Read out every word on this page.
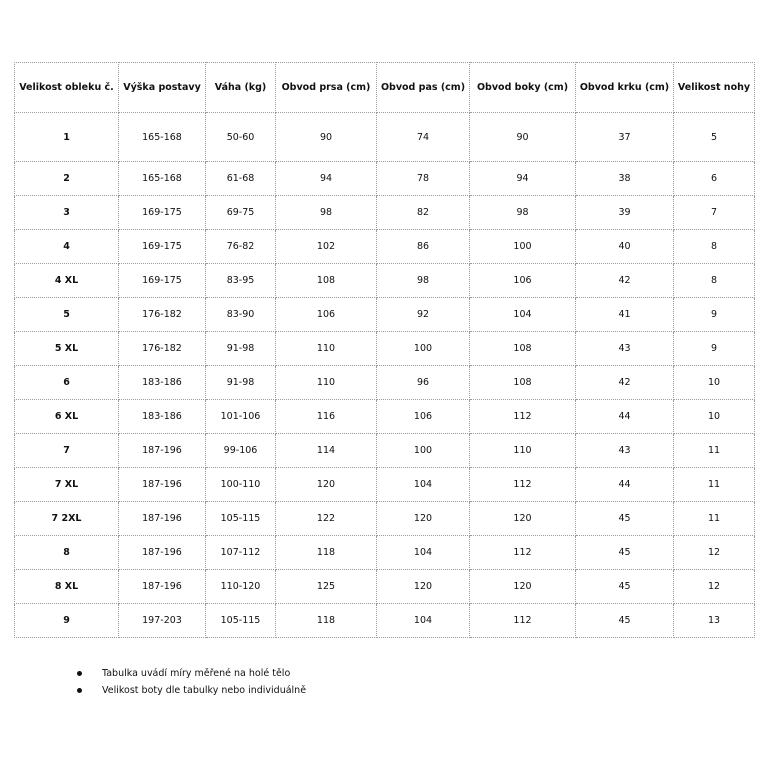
Velikost obleku č.	Výška postavy	Váha (kg)	Obvod prsa (cm)	Obvod pas (cm)	Obvod boky (cm)	Obvod krku (cm)	Velikost nohy
1	165-168	50-60	90	74	90	37	5
2	165-168	61-68	94	78	94	38	6
3	169-175	69-75	98	82	98	39	7
4	169-175	76-82	102	86	100	40	8
4 XL	169-175	83-95	108	98	106	42	8
5	176-182	83-90	106	92	104	41	9
5 XL	176-182	91-98	110	100	108	43	9
6	183-186	91-98	110	96	108	42	10
6 XL	183-186	101-106	116	106	112	44	10
7	187-196	99-106	114	100	110	43	11
7 XL	187-196	100-110	120	104	112	44	11
7 2XL	187-196	105-115	122	120	120	45	11
8	187-196	107-112	118	104	112	45	12
8 XL	187-196	110-120	125	120	120	45	12
9	197-203	105-115	118	104	112	45	13
Tabulka uvádí míry měřené na holé tělo
Velikost boty dle tabulky nebo individuálně
